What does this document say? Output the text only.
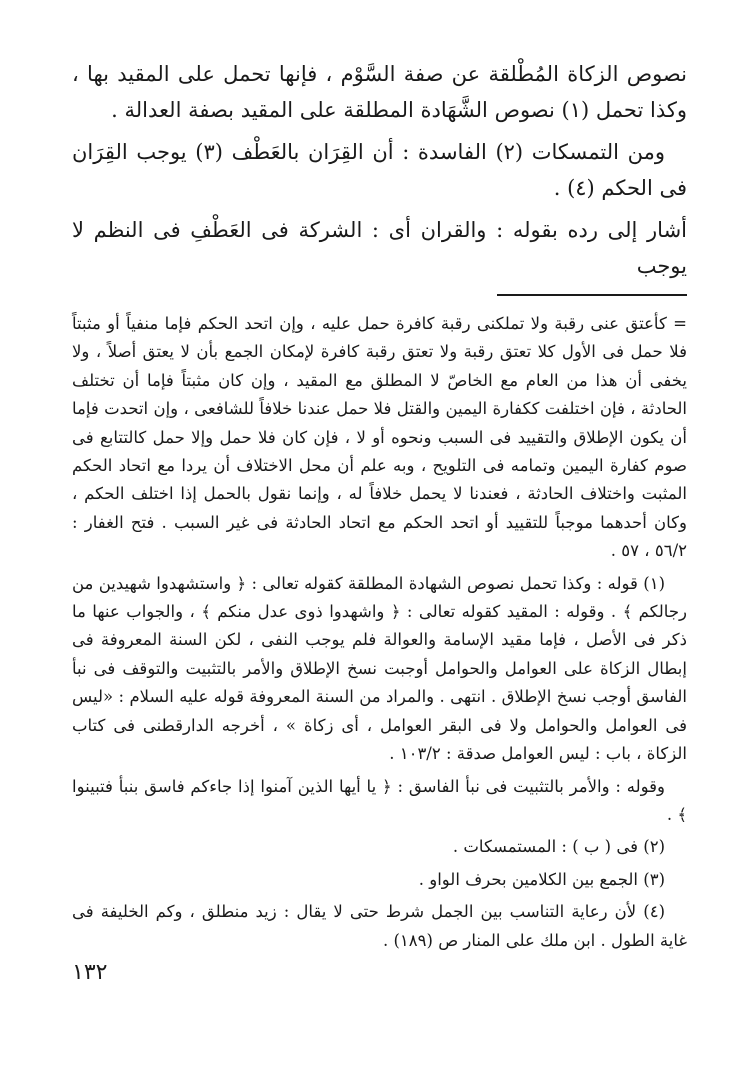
نصوص الزكاة المُطْلقة عن صفة السَّوْم ، فإنها تحمل على المقيد بها ، وكذا تحمل (١) نصوص الشَّهَادة المطلقة على المقيد بصفة العدالة .

ومن التمسكات (٢) الفاسدة : أن القِرَان بالعَطْف (٣) يوجب القِرَان فى الحكم (٤) .

أشار إلى رده بقوله : والقران أى : الشركة فى العَطْفِ فى النظم لا يوجب

= كأعتق عنى رقبة ولا تملكنى رقبة كافرة حمل عليه ، وإن اتحد الحكم فإما منفياً أو مثبتاً فلا حمل فى الأول كلا تعتق رقبة ولا تعتق رقبة كافرة لإمكان الجمع بأن لا يعتق أصلاً ، ولا يخفى أن هذا من العام مع الخاصّ لا المطلق مع المقيد ، وإن كان مثبتاً فإما أن تختلف الحادثة ، فإن اختلفت ككفارة اليمين والقتل فلا حمل عندنا خلافاً للشافعى ، وإن اتحدت فإما أن يكون الإطلاق والتقييد فى السبب ونحوه أو لا ، فإن كان فلا حمل وإلا حمل كالتتابع فى صوم كفارة اليمين وتمامه فى التلويح ، وبه علم أن محل الاختلاف أن يردا مع اتحاد الحكم المثبت واختلاف الحادثة ، فعندنا لا يحمل خلافاً له ، وإنما نقول بالحمل إذا اختلف الحكم ، وكان أحدهما موجباً للتقييد أو اتحد الحكم مع اتحاد الحادثة فى غير السبب . فتح الغفار : ٥٦/٢ ، ٥٧ .

(١) قوله : وكذا تحمل نصوص الشهادة المطلقة كقوله تعالى : ﴿ واستشهدوا شهيدين من رجالكم ﴾ . وقوله : المقيد كقوله تعالى : ﴿ واشهدوا ذوى عدل منكم ﴾ ، والجواب عنها ما ذكر فى الأصل ، فإما مقيد الإسامة والعوالة فلم يوجب النفى ، لكن السنة المعروفة فى إبطال الزكاة على العوامل والحوامل أوجبت نسخ الإطلاق والأمر بالتثبيت والتوقف فى نبأ الفاسق أوجب نسخ الإطلاق . انتهى . والمراد من السنة المعروفة قوله عليه السلام : «ليس فى العوامل والحوامل ولا فى البقر العوامل ، أى زكاة » ، أخرجه الدارقطنى فى كتاب الزكاة ، باب : ليس العوامل صدقة : ١٠٣/٢ .

وقوله : والأمر بالتثبيت فى نبأ الفاسق : ﴿ يا أيها الذين آمنوا إذا جاءكم فاسق بنبأ فتبينوا ﴾ .

(٢) فى ( ب ) : المستمسكات .

(٣) الجمع بين الكلامين بحرف الواو .

(٤) لأن رعاية التناسب بين الجمل شرط حتى لا يقال : زيد منطلق ، وكم الخليفة فى غاية الطول . ابن ملك على المنار ص (١٨٩) .

١٣٢
